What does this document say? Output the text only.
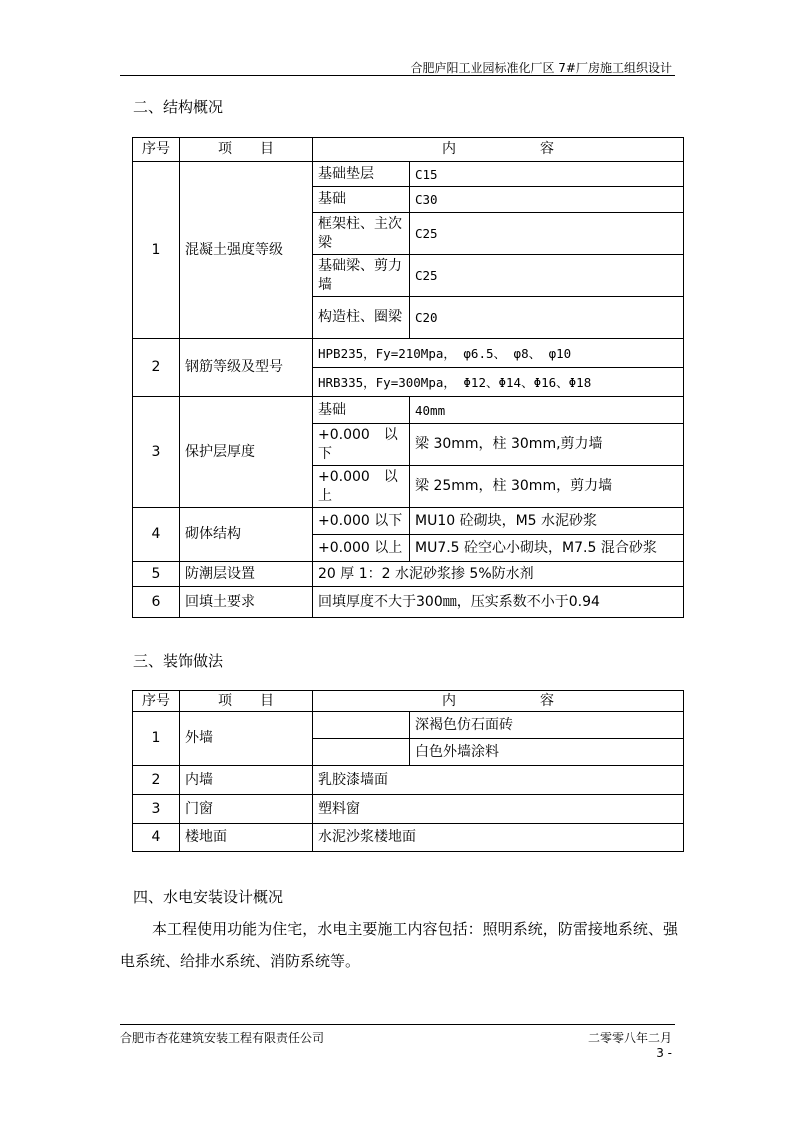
合肥庐阳工业园标准化厂区 7#厂房施工组织设计
二、结构概况
序号	项　　目	内　　　　　　容	
1	混凝土强度等级	基础垫层	C15
		基础	C30
		框架柱、主次梁	C25
		基础梁、剪力墙	C25
		构造柱、圈梁	C20
2	钢筋等级及型号	HPB235，Fy=210Mpa， φ6.5、 φ8、 φ10	
		HRB335，Fy=300Mpa， Φ12、Φ14、Φ16、Φ18	
3	保护层厚度	基础	40mm
		+0.000　以下	梁 30mm，柱 30mm,剪力墙
		+0.000　以上	梁 25mm，柱 30mm，剪力墙
4	砌体结构	+0.000 以下	MU10 砼砌块，M5 水泥砂浆
		+0.000 以上	MU7.5 砼空心小砌块，M7.5 混合砂浆
5	防潮层设置	20 厚 1：2 水泥砂浆掺 5%防水剂	
6	回填土要求	回填厚度不大于300㎜，压实系数不小于0.94	
三、装饰做法
序号	项　　目	内　　　　　　容	
1	外墙		深褐色仿石面砖
			白色外墙涂料
2	内墙	乳胶漆墙面	
3	门窗	塑料窗	
4	楼地面	水泥沙浆楼地面	
四、水电安装设计概况
本工程使用功能为住宅，水电主要施工内容包括：照明系统，防雷接地系统、强电系统、给排水系统、消防系统等。
合肥市杏花建筑安装工程有限责任公司	二零零八年二月
3 -
